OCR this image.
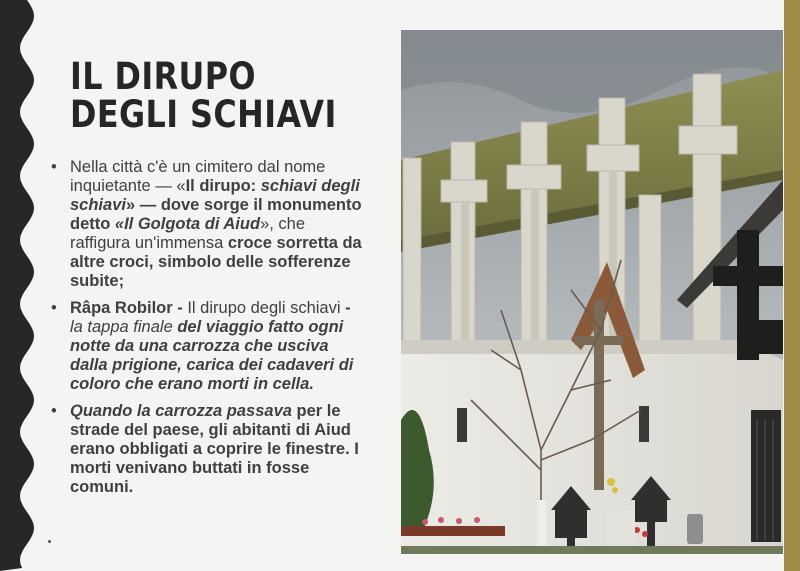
IL DIRUPO
DEGLI SCHIAVI
• Nella città c'è un cimitero dal nome inquietante — «Il dirupo: schiavi degli schiavi» — dove sorge il monumento detto «Il Golgota di Aiud», che raffigura un'immensa croce sorretta da altre croci, simbolo delle sofferenze subite;
• Râpa Robilor - Il dirupo degli schiavi - la tappa finale del viaggio fatto ogni notte da una carrozza che usciva dalla prigione, carica dei cadaveri di coloro che erano morti in cella.
• Quando la carrozza passava per le strade del paese, gli abitanti di Aiud erano obbligati a coprire le finestre. I morti venivano buttati in fosse comuni.
